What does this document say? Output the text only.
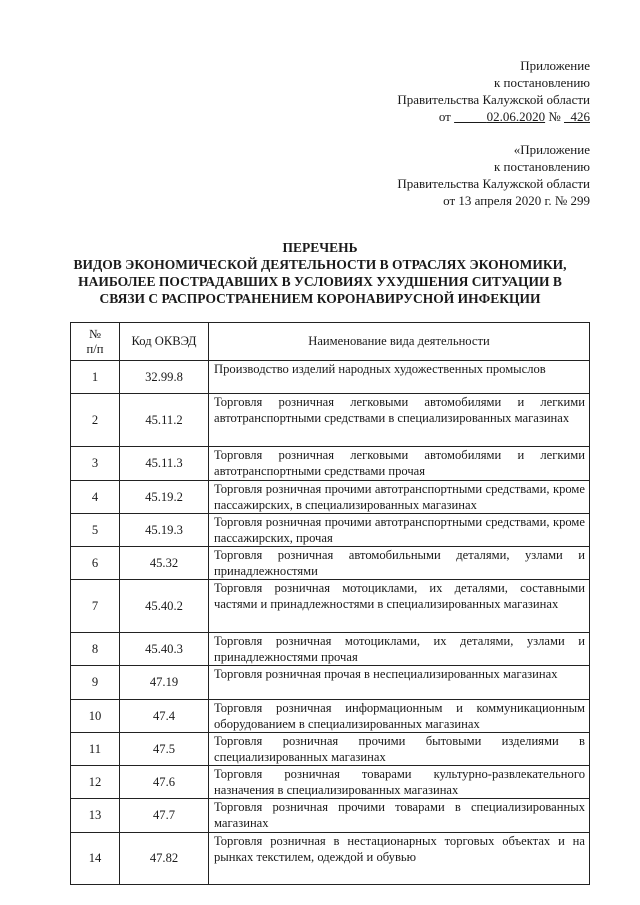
Приложение
к постановлению
Правительства Калужской области
от	02.06.2020 № 426
«Приложение
к постановлению
Правительства Калужской области
от 13 апреля 2020 г. № 299
ПЕРЕЧЕНЬ
ВИДОВ ЭКОНОМИЧЕСКОЙ ДЕЯТЕЛЬНОСТИ В ОТРАСЛЯХ ЭКОНОМИКИ,
НАИБОЛЕЕ ПОСТРАДАВШИХ В УСЛОВИЯХ УХУДШЕНИЯ СИТУАЦИИ В
СВЯЗИ С РАСПРОСТРАНЕНИЕМ КОРОНАВИРУСНОЙ ИНФЕКЦИИ
№
п/п	Код ОКВЭД	Наименование вида деятельности
1	32.99.8	Производство изделий народных художественных промыслов
2	45.11.2	Торговля розничная легковыми автомобилями и легкими автотранспортными средствами в специализированных магазинах
3	45.11.3	Торговля розничная легковыми автомобилями и легкими автотранспортными средствами прочая
4	45.19.2	Торговля розничная прочими автотранспортными средствами, кроме пассажирских, в специализированных магазинах
5	45.19.3	Торговля розничная прочими автотранспортными средствами, кроме пассажирских, прочая
6	45.32	Торговля розничная автомобильными деталями, узлами и принадлежностями
7	45.40.2	Торговля розничная мотоциклами, их деталями, составными частями и принадлежностями в специализированных магазинах
8	45.40.3	Торговля розничная мотоциклами, их деталями, узлами и принадлежностями прочая
9	47.19	Торговля розничная прочая в неспециализированных магазинах
10	47.4	Торговля розничная информационным и коммуникационным оборудованием в специализированных магазинах
11	47.5	Торговля розничная прочими бытовыми изделиями в специализированных магазинах
12	47.6	Торговля розничная товарами культурно-развлекательного назначения в специализированных магазинах
13	47.7	Торговля розничная прочими товарами в специализированных магазинах
14	47.82	Торговля розничная в нестационарных торговых объектах и на рынках текстилем, одеждой и обувью
